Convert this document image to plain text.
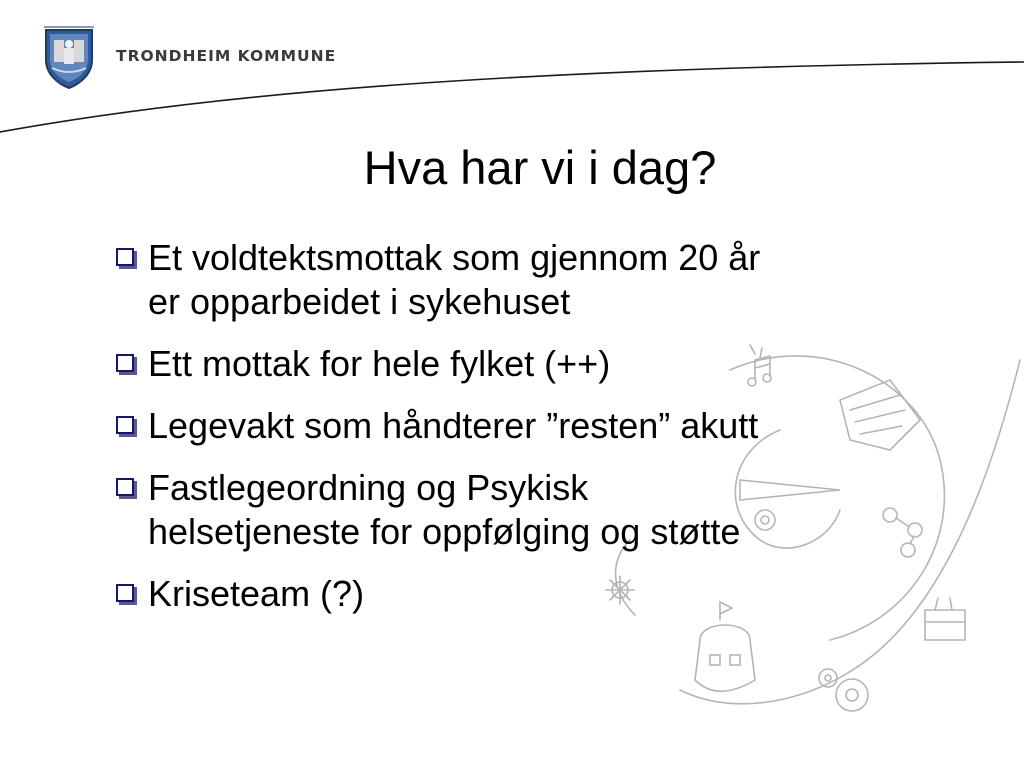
TRONDHEIM KOMMUNE
Hva har vi i dag?
Et voldtektsmottak som gjennom 20 år
er opparbeidet i sykehuset
Ett mottak for hele fylket (++)
Legevakt som håndterer ”resten” akutt
Fastlegeordning og Psykisk
helsetjeneste for oppfølging og støtte
Kriseteam (?)
